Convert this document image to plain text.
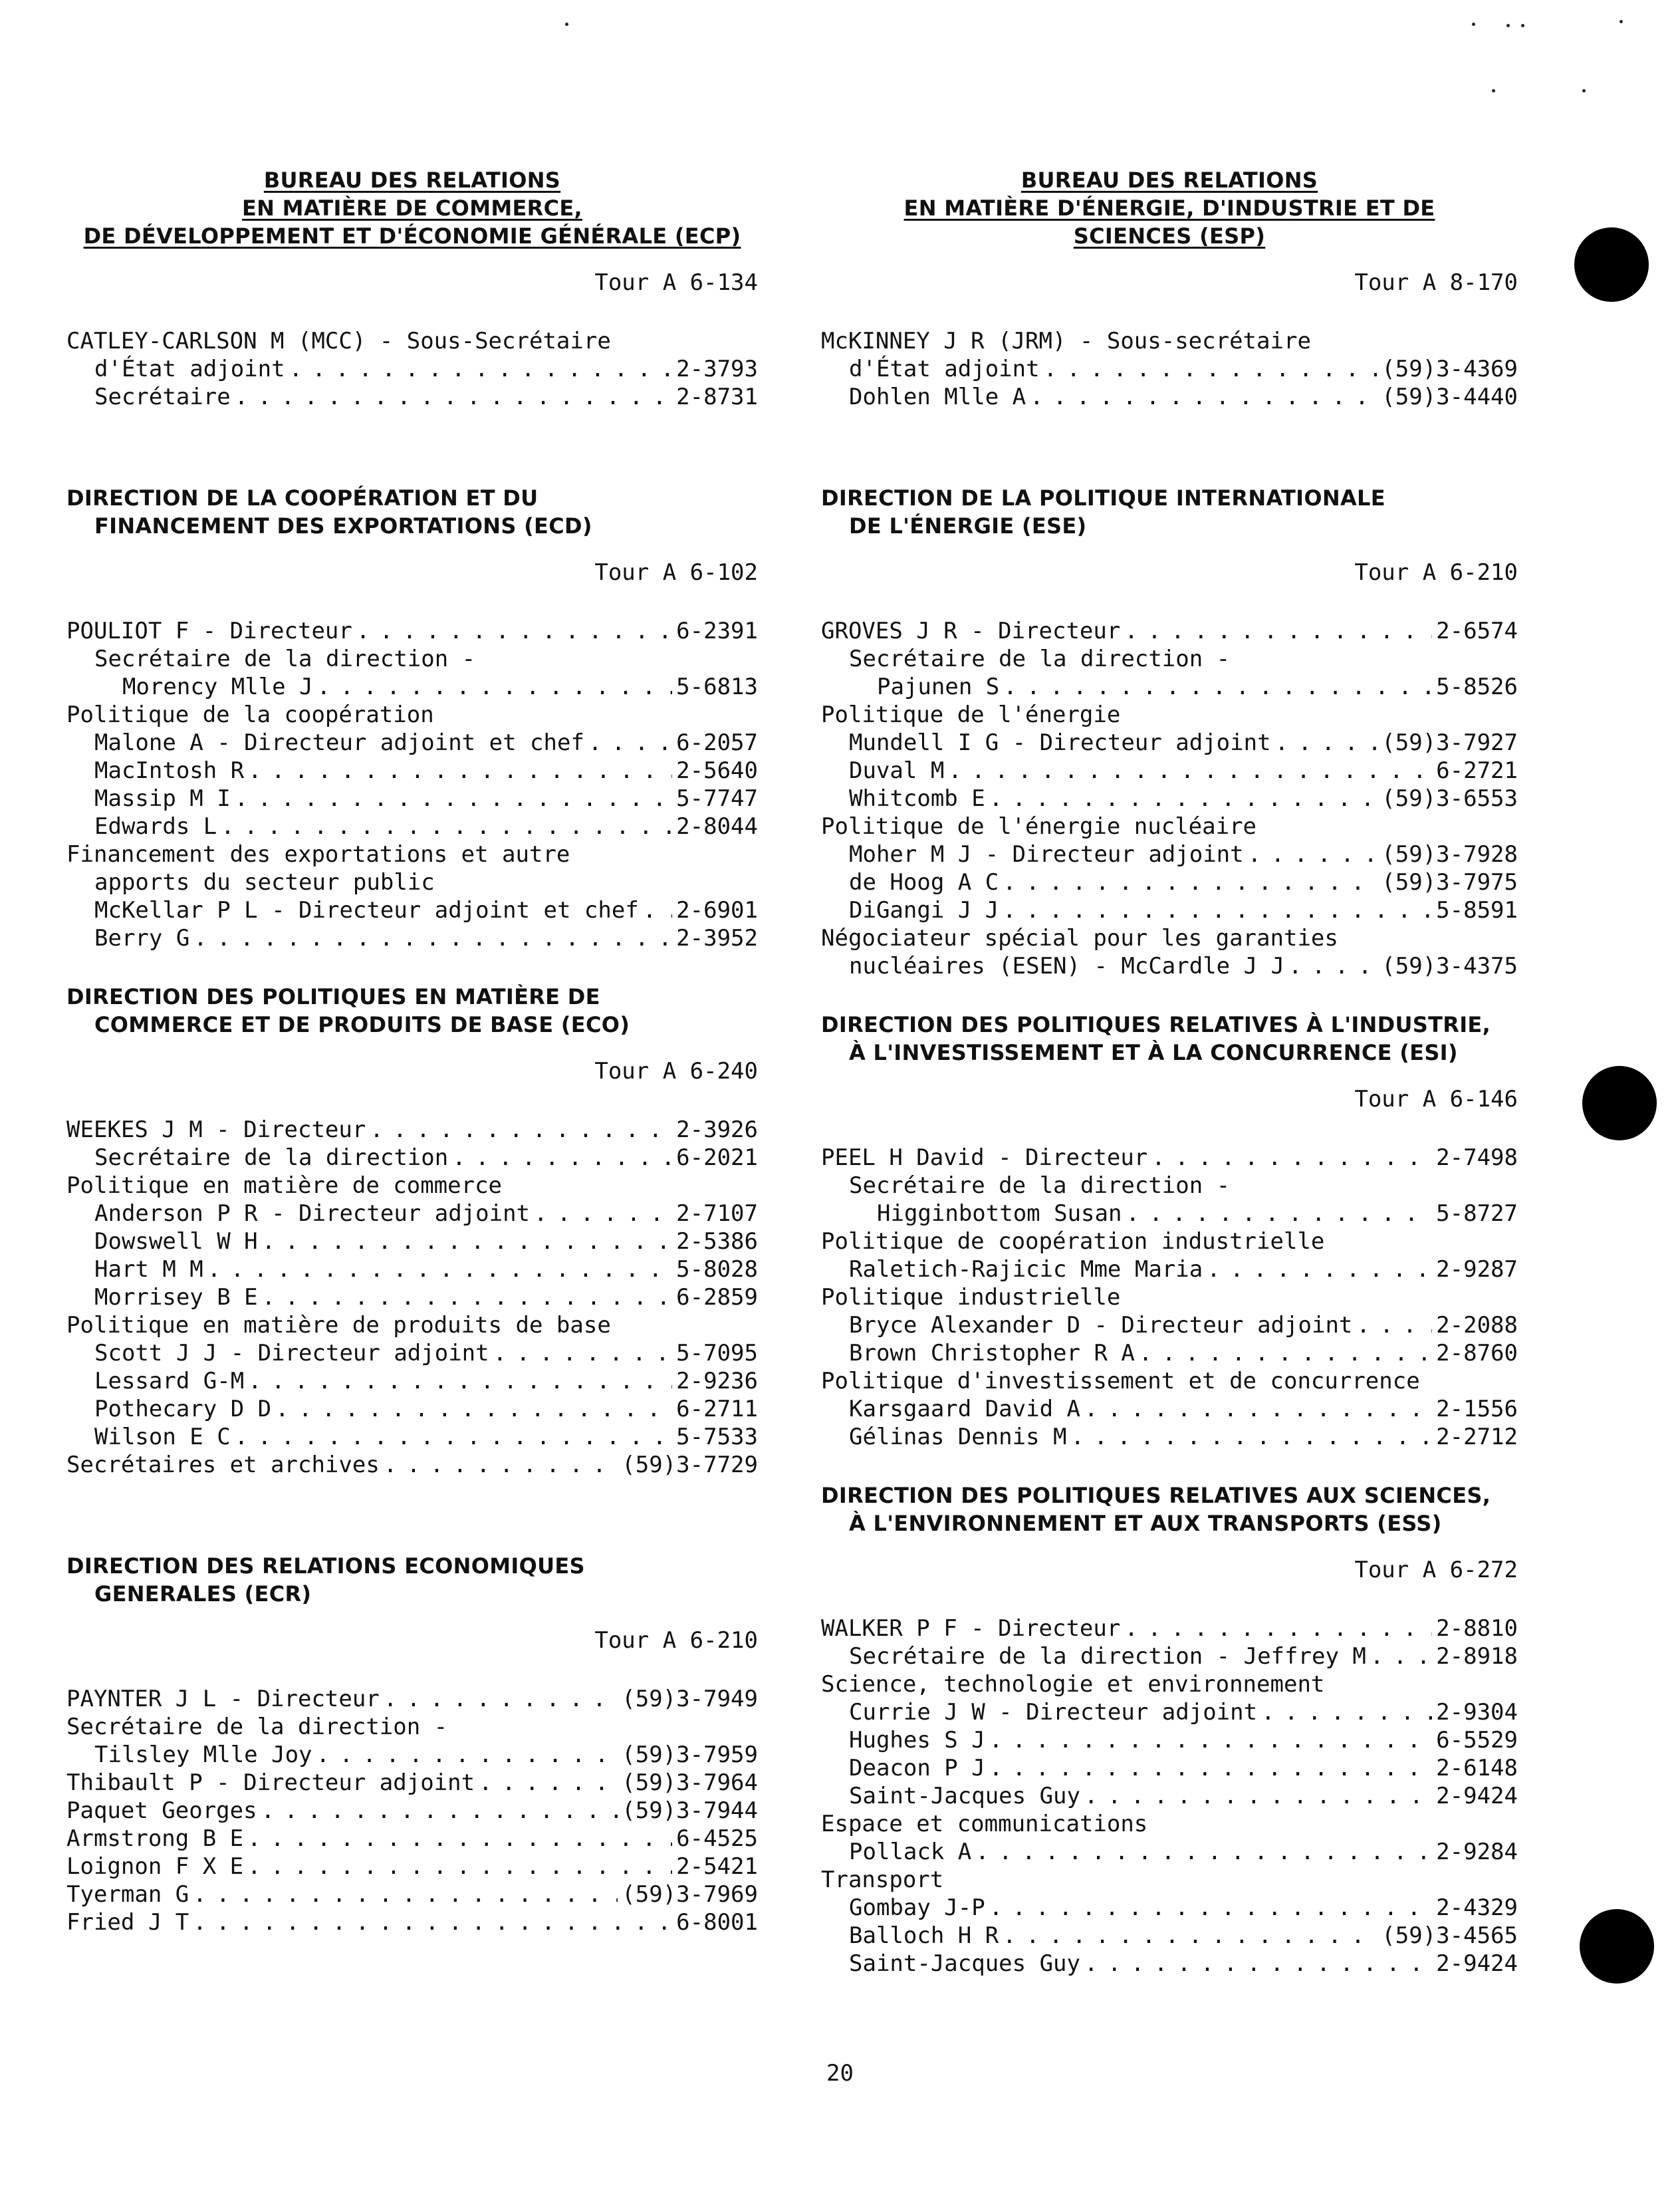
BUREAU DES RELATIONS
EN MATIÈRE DE COMMERCE,
DE DÉVELOPPEMENT ET D'ÉCONOMIE GÉNÉRALE (ECP)
Tour A 6-134
CATLEY-CARLSON M (MCC) - Sous-Secrétaire
d'État adjoint . . .	2-3793
Secrétaire . . .	2-8731
DIRECTION DE LA COOPÉRATION ET DU
FINANCEMENT DES EXPORTATIONS (ECD)
Tour A 6-102
POULIOT F - Directeur . . .	6-2391
Secrétaire de la direction -
Morency Mlle J . . .	5-6813
Politique de la coopération
Malone A - Directeur adjoint et chef . . .	6-2057
MacIntosh R . . .	2-5640
Massip M I . . .	5-7747
Edwards L . . .	2-8044
Financement des exportations et autre
apports du secteur public
McKellar P L - Directeur adjoint et chef . . . 2-6901
Berry G . . .	2-3952
DIRECTION DES POLITIQUES EN MATIÈRE DE
COMMERCE ET DE PRODUITS DE BASE (ECO)
Tour A 6-240
WEEKES J M - Directeur . . .	2-3926
Secrétaire de la direction . . .	6-2021
Politique en matière de commerce
Anderson P R - Directeur adjoint . . .	2-7107
Dowswell W H . . .	2-5386
Hart M M . . .	5-8028
Morrisey B E . . .	6-2859
Politique en matière de produits de base
Scott J J - Directeur adjoint . . .	5-7095
Lessard G-M . . .	2-9236
Pothecary D D . . .	6-2711
Wilson E C . . .	5-7533
Secrétaires et archives . . .	(59)3-7729
DIRECTION DES RELATIONS ECONOMIQUES
GENERALES (ECR)
Tour A 6-210
PAYNTER J L - Directeur . . .	(59)3-7949
Secrétaire de la direction -
Tilsley Mlle Joy . . .	(59)3-7959
Thibault P - Directeur adjoint . . .	(59)3-7964
Paquet Georges . . .	(59)3-7944
Armstrong B E . . .	6-4525
Loignon F X E . . .	2-5421
Tyerman G . . .	(59)3-7969
Fried J T . . .	6-8001
BUREAU DES RELATIONS
EN MATIÈRE D'ÉNERGIE, D'INDUSTRIE ET DE
SCIENCES (ESP)
Tour A 8-170
McKINNEY J R (JRM) - Sous-secrétaire
d'État adjoint . . .	(59)3-4369
Dohlen Mlle A . . .	(59)3-4440
DIRECTION DE LA POLITIQUE INTERNATIONALE
DE L'ÉNERGIE (ESE)
Tour A 6-210
GROVES J R - Directeur . . .	2-6574
Secrétaire de la direction -
Pajunen S . . .	5-8526
Politique de l'énergie
Mundell I G - Directeur adjoint . . .	(59)3-7927
Duval M . . .	6-2721
Whitcomb E . . .	(59)3-6553
Politique de l'énergie nucléaire
Moher M J - Directeur adjoint . . .	(59)3-7928
de Hoog A C . . .	(59)3-7975
DiGangi J J . . .	5-8591
Négociateur spécial pour les garanties
nucléaires (ESEN) - McCardle J J . . .	(59)3-4375
DIRECTION DES POLITIQUES RELATIVES À L'INDUSTRIE,
À L'INVESTISSEMENT ET À LA CONCURRENCE (ESI)
Tour A 6-146
PEEL H David - Directeur . . .	2-7498
Secrétaire de la direction -
Higginbottom Susan . . .	5-8727
Politique de coopération industrielle
Raletich-Rajicic Mme Maria . . .	2-9287
Politique industrielle
Bryce Alexander D - Directeur adjoint . . .	2-2088
Brown Christopher R A . . .	2-8760
Politique d'investissement et de concurrence
Karsgaard David A . . .	2-1556
Gélinas Dennis M . . .	2-2712
DIRECTION DES POLITIQUES RELATIVES AUX SCIENCES,
À L'ENVIRONNEMENT ET AUX TRANSPORTS (ESS)
Tour A 6-272
WALKER P F - Directeur . . .	2-8810
Secrétaire de la direction - Jeffrey M . . .	2-8918
Science, technologie et environnement
Currie J W - Directeur adjoint . . .	2-9304
Hughes S J . . .	6-5529
Deacon P J . . .	2-6148
Saint-Jacques Guy . . .	2-9424
Espace et communications
Pollack A . . .	2-9284
Transport
Gombay J-P . . .	2-4329
Balloch H R . . .	(59)3-4565
Saint-Jacques Guy . . .	2-9424
20
